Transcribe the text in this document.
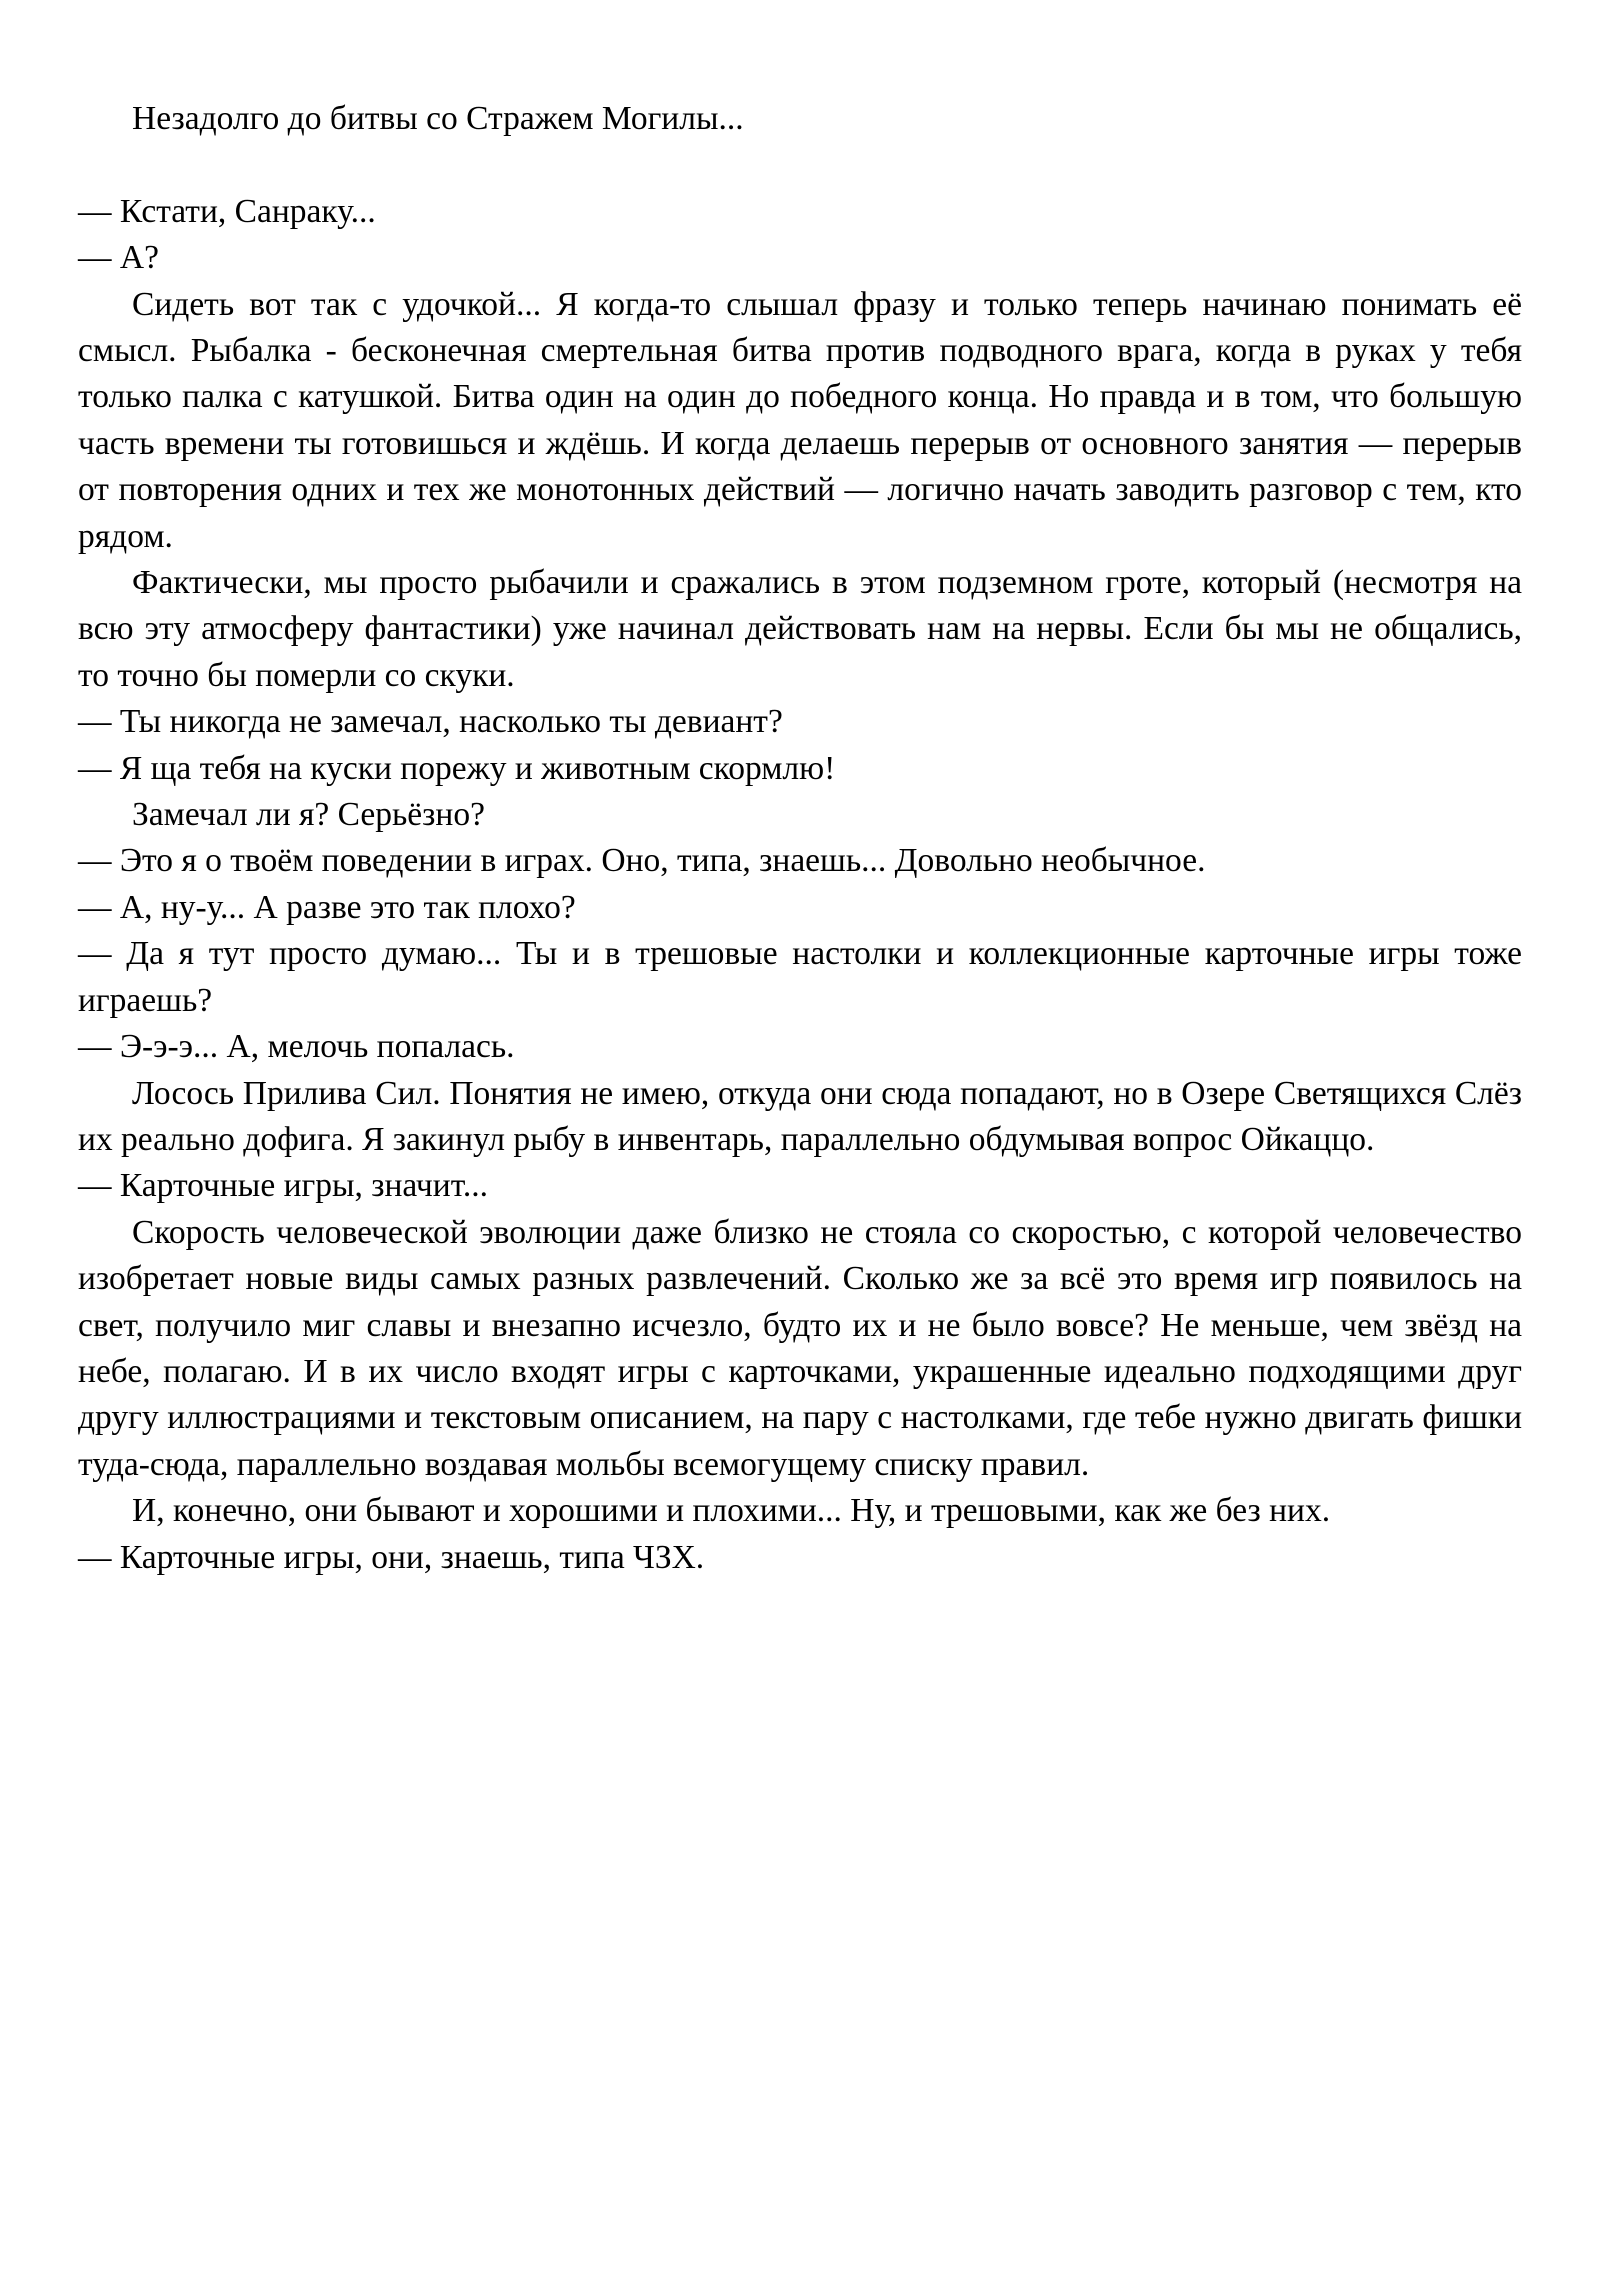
Незадолго до битвы со Стражем Могилы...

— Кстати, Санраку...

— А?

Сидеть вот так с удочкой... Я когда-то слышал фразу и только теперь начинаю понимать её смысл. Рыбалка - бесконечная смертельная битва против подводного врага, когда в руках у тебя только палка с катушкой. Битва один на один до победного конца. Но правда и в том, что большую часть времени ты готовишься и ждёшь. И когда делаешь перерыв от основного занятия — перерыв от повторения одних и тех же монотонных действий — логично начать заводить разговор с тем, кто рядом.

Фактически, мы просто рыбачили и сражались в этом подземном гроте, который (несмотря на всю эту атмосферу фантастики) уже начинал действовать нам на нервы. Если бы мы не общались, то точно бы померли со скуки.

— Ты никогда не замечал, насколько ты девиант?

— Я ща тебя на куски порежу и животным скормлю!

Замечал ли я? Серьёзно?

— Это я о твоём поведении в играх. Оно, типа, знаешь... Довольно необычное.

— А, ну-у... А разве это так плохо?

— Да я тут просто думаю... Ты и в трешовые настолки и коллекционные карточные игры тоже играешь?

— Э-э-э... А, мелочь попалась.

Лосось Прилива Сил. Понятия не имею, откуда они сюда попадают, но в Озере Светящихся Слёз их реально дофига. Я закинул рыбу в инвентарь, параллельно обдумывая вопрос Ойкаццо.

— Карточные игры, значит...

Скорость человеческой эволюции даже близко не стояла со скоростью, с которой человечество изобретает новые виды самых разных развлечений. Сколько же за всё это время игр появилось на свет, получило миг славы и внезапно исчезло, будто их и не было вовсе? Не меньше, чем звёзд на небе, полагаю. И в их число входят игры с карточками, украшенные идеально подходящими друг другу иллюстрациями и текстовым описанием, на пару с настолками, где тебе нужно двигать фишки туда-сюда, параллельно воздавая мольбы всемогущему списку правил.

И, конечно, они бывают и хорошими и плохими... Ну, и трешовыми, как же без них.

— Карточные игры, они, знаешь, типа ЧЗХ.
